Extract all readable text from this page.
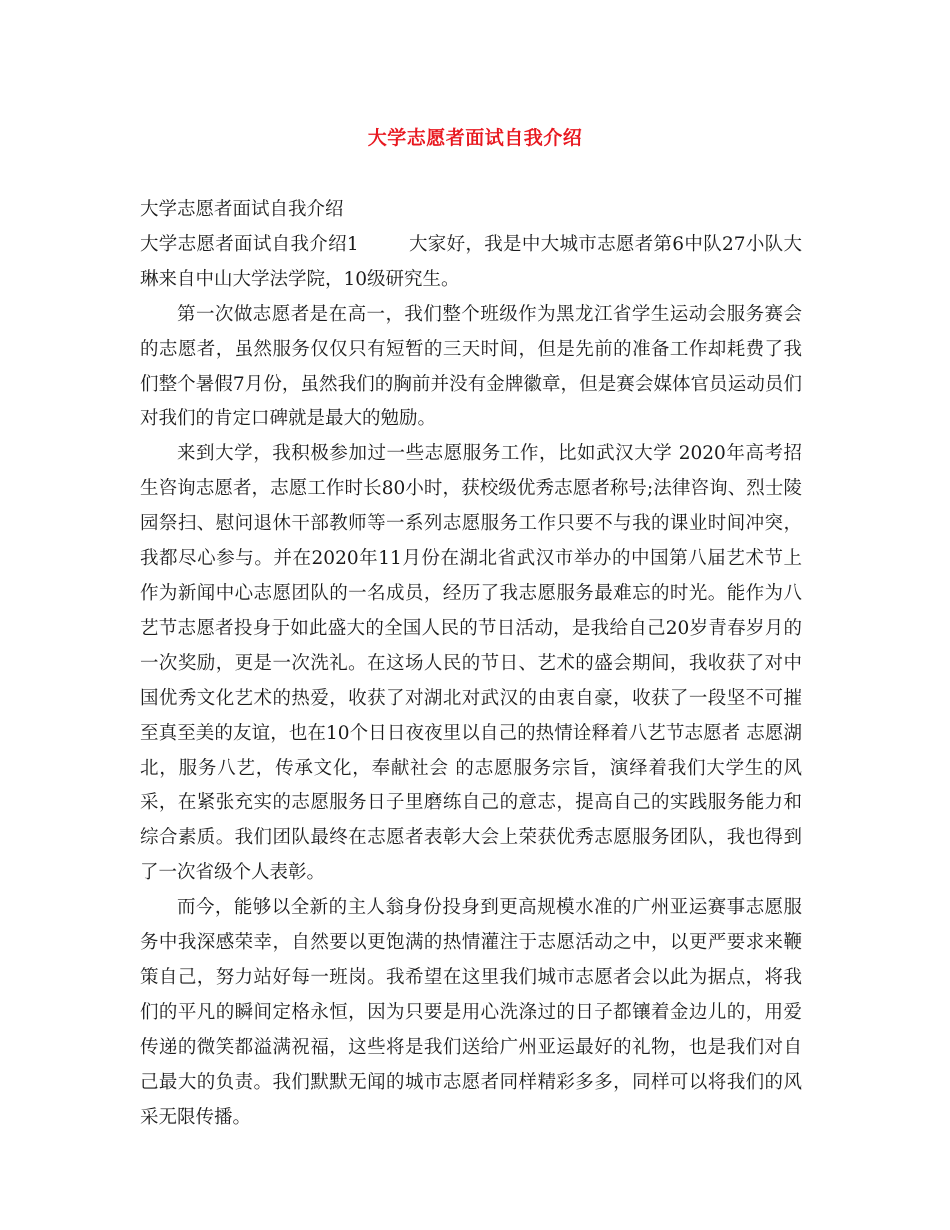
大学志愿者面试自我介绍

大学志愿者面试自我介绍

大学志愿者面试自我介绍1	大家好，我是中大城市志愿者第6中队27小队大琳来自中山大学法学院，10级研究生。

第一次做志愿者是在高一，我们整个班级作为黑龙江省学生运动会服务赛会的志愿者，虽然服务仅仅只有短暂的三天时间，但是先前的准备工作却耗费了我们整个暑假7月份，虽然我们的胸前并没有金牌徽章，但是赛会媒体官员运动员们对我们的肯定口碑就是最大的勉励。

来到大学，我积极参加过一些志愿服务工作，比如武汉大学 2020年高考招生咨询志愿者，志愿工作时长80小时，获校级优秀志愿者称号;法律咨询、烈士陵园祭扫、慰问退休干部教师等一系列志愿服务工作只要不与我的课业时间冲突，我都尽心参与。并在2020年11月份在湖北省武汉市举办的中国第八届艺术节上作为新闻中心志愿团队的一名成员，经历了我志愿服务最难忘的时光。能作为八艺节志愿者投身于如此盛大的全国人民的节日活动，是我给自己20岁青春岁月的一次奖励，更是一次洗礼。在这场人民的节日、艺术的盛会期间，我收获了对中国优秀文化艺术的热爱，收获了对湖北对武汉的由衷自豪，收获了一段坚不可摧至真至美的友谊，也在10个日日夜夜里以自己的热情诠释着八艺节志愿者 志愿湖北，服务八艺，传承文化，奉献社会 的志愿服务宗旨，演绎着我们大学生的风采，在紧张充实的志愿服务日子里磨练自己的意志，提高自己的实践服务能力和综合素质。我们团队最终在志愿者表彰大会上荣获优秀志愿服务团队，我也得到了一次省级个人表彰。

而今，能够以全新的主人翁身份投身到更高规模水准的广州亚运赛事志愿服务中我深感荣幸，自然要以更饱满的热情灌注于志愿活动之中，以更严要求来鞭策自己，努力站好每一班岗。我希望在这里我们城市志愿者会以此为据点，将我们的平凡的瞬间定格永恒，因为只要是用心洗涤过的日子都镶着金边儿的，用爱传递的微笑都溢满祝福，这些将是我们送给广州亚运最好的礼物，也是我们对自己最大的负责。我们默默无闻的城市志愿者同样精彩多多，同样可以将我们的风采无限传播。
